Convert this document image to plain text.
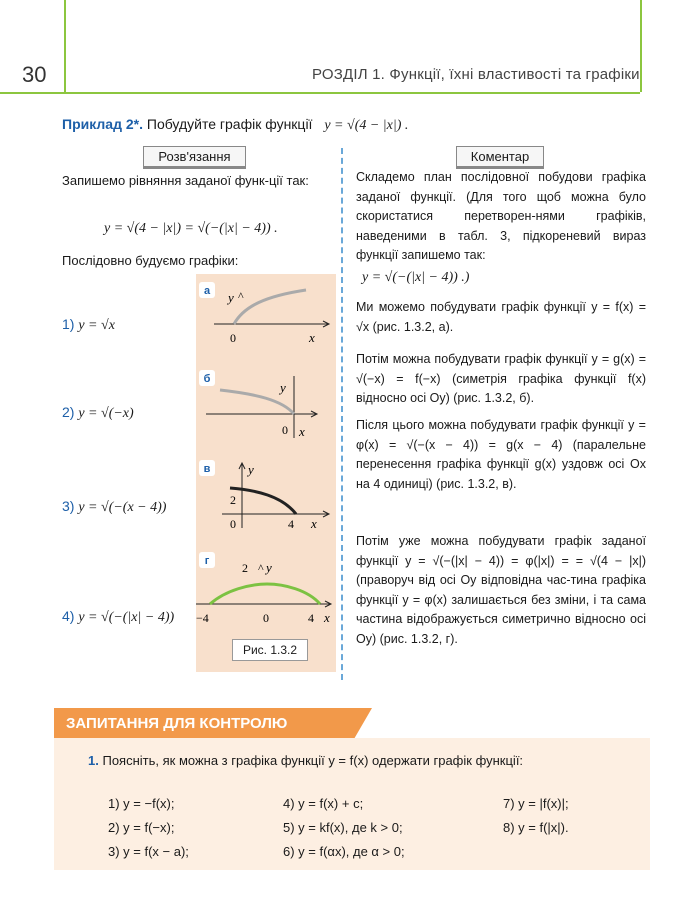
30	РОЗДІЛ 1. Функції, їхні властивості та графіки
Приклад 2*. Побудуйте графік функції y = √(4 − |x|) .
Розв'язання	Коментар
Запишемо рівняння заданої функ-ції так:
y = √(4 − |x|) = √(−(|x| − 4)) .
Послідовно будуємо графіки:
1) y = √x
2) y = √(−x)
3) y = √(−(x − 4))
4) y = √(−(|x| − 4))
а y ^
0	x
б
y
0 x
в	y
2
0	4 x
г	2 ^ y
−4	0	4 x
Рис. 1.3.2
Складемо план послідовної побудови графіка заданої функції. (Для того щоб можна було скористатися перетворен-нями графіків, наведеними в табл. 3, підкореневий вираз функції запишемо так:
y = √(−(|x| − 4)) .)
Ми можемо побудувати графік функції y = f(x) = √x (рис. 1.3.2, а).
Потім можна побудувати графік функції y = g(x) = √(−x) = f(−x) (симетрія графіка функції f(x) відносно осі Oy) (рис. 1.3.2, б).
Після цього можна побудувати графік функції y = φ(x) = √(−(x − 4)) = g(x − 4) (паралельне перенесення графіка функції g(x) уздовж осі Ox на 4 одиниці) (рис. 1.3.2, в).
Потім уже можна побудувати графік заданої функції y = √(−(|x| − 4)) = φ(|x|) = = √(4 − |x|) (праворуч від осі Oy відповідна час-тина графіка функції y = φ(x) залишається без зміни, і та сама частина відображується симетрично відносно осі Oy) (рис. 1.3.2, г).
ЗАПИТАННЯ ДЛЯ КОНТРОЛЮ
1. Поясніть, як можна з графіка функції y = f(x) одержати графік функції:
1) y = −f(x);	4) y = f(x) + c;	7) y = |f(x)|;
2) y = f(−x);	5) y = kf(x), де k > 0;	8) y = f(|x|).
3) y = f(x − a);	6) y = f(αx), де α > 0;
